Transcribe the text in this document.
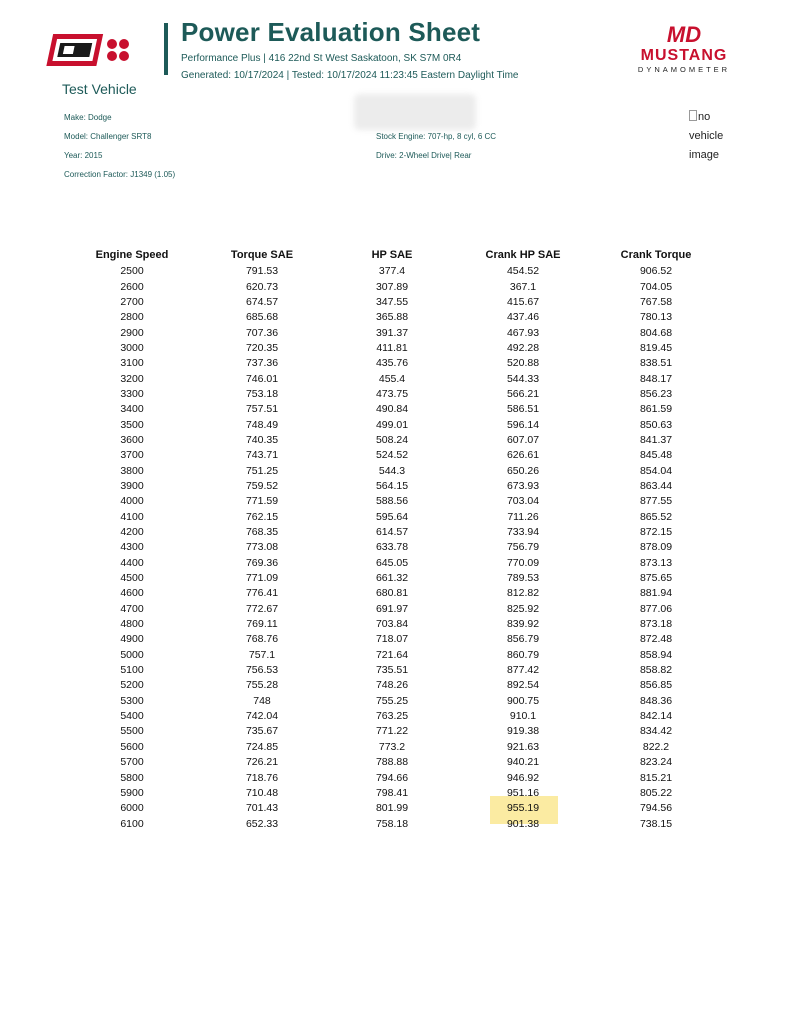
Power Evaluation Sheet
Performance Plus | 416 22nd St West Saskatoon, SK S7M 0R4
Generated: 10/17/2024 | Tested: 10/17/2024 11:23:45 Eastern Daylight Time
MD
MUSTANG
DYNAMOMETER
Test Vehicle
Make: Dodge
Model: Challenger SRT8
Year: 2015
Correction Factor: J1349 (1.05)
Stock Engine: 707-hp, 8 cyl, 6 CC
Drive: 2-Wheel Drive| Rear
no
vehicle
image
Engine Speed	Torque SAE	HP SAE	Crank HP SAE	Crank Torque
2500	791.53	377.4	454.52	906.52
2600	620.73	307.89	367.1	704.05
2700	674.57	347.55	415.67	767.58
2800	685.68	365.88	437.46	780.13
2900	707.36	391.37	467.93	804.68
3000	720.35	411.81	492.28	819.45
3100	737.36	435.76	520.88	838.51
3200	746.01	455.4	544.33	848.17
3300	753.18	473.75	566.21	856.23
3400	757.51	490.84	586.51	861.59
3500	748.49	499.01	596.14	850.63
3600	740.35	508.24	607.07	841.37
3700	743.71	524.52	626.61	845.48
3800	751.25	544.3	650.26	854.04
3900	759.52	564.15	673.93	863.44
4000	771.59	588.56	703.04	877.55
4100	762.15	595.64	711.26	865.52
4200	768.35	614.57	733.94	872.15
4300	773.08	633.78	756.79	878.09
4400	769.36	645.05	770.09	873.13
4500	771.09	661.32	789.53	875.65
4600	776.41	680.81	812.82	881.94
4700	772.67	691.97	825.92	877.06
4800	769.11	703.84	839.92	873.18
4900	768.76	718.07	856.79	872.48
5000	757.1	721.64	860.79	858.94
5100	756.53	735.51	877.42	858.82
5200	755.28	748.26	892.54	856.85
5300	748	755.25	900.75	848.36
5400	742.04	763.25	910.1	842.14
5500	735.67	771.22	919.38	834.42
5600	724.85	773.2	921.63	822.2
5700	726.21	788.88	940.21	823.24
5800	718.76	794.66	946.92	815.21
5900	710.48	798.41	951.16	805.22
6000	701.43	801.99	955.19	794.56
6100	652.33	758.18	901.38	738.15
